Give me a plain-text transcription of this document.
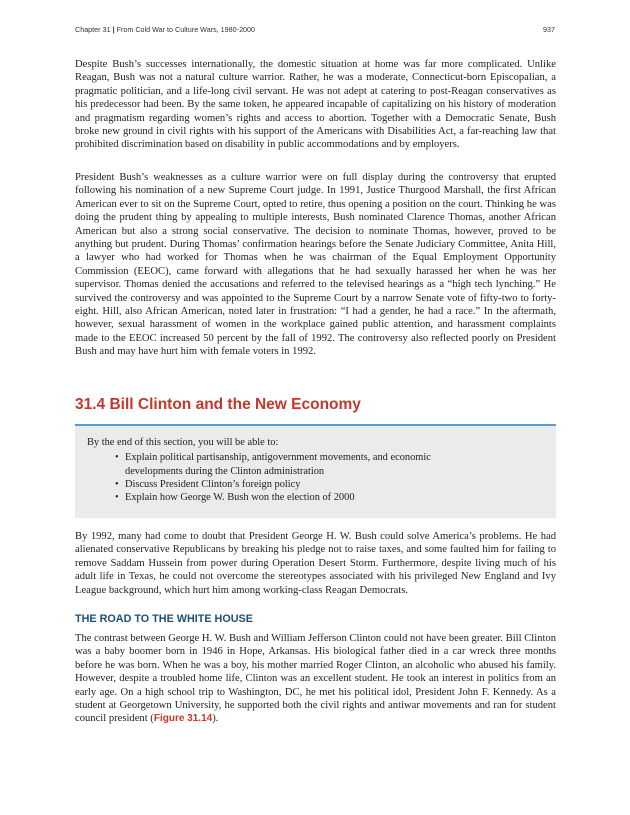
Chapter 31 | From Cold War to Culture Wars, 1980-2000	937

Despite Bush’s successes internationally, the domestic situation at home was far more complicated. Unlike Reagan, Bush was not a natural culture warrior. Rather, he was a moderate, Connecticut-born Episcopalian, a pragmatic politician, and a life-long civil servant. He was not adept at catering to post-Reagan conservatives as his predecessor had been. By the same token, he appeared incapable of capitalizing on his history of moderation and pragmatism regarding women’s rights and access to abortion. Together with a Democratic Senate, Bush broke new ground in civil rights with his support of the Americans with Disabilities Act, a far-reaching law that prohibited discrimination based on disability in public accommodations and by employers.

President Bush’s weaknesses as a culture warrior were on full display during the controversy that erupted following his nomination of a new Supreme Court judge. In 1991, Justice Thurgood Marshall, the first African American ever to sit on the Supreme Court, opted to retire, thus opening a position on the court. Thinking he was doing the prudent thing by appealing to multiple interests, Bush nominated Clarence Thomas, another African American but also a strong social conservative. The decision to nominate Thomas, however, proved to be anything but prudent. During Thomas’ confirmation hearings before the Senate Judiciary Committee, Anita Hill, a lawyer who had worked for Thomas when he was chairman of the Equal Employment Opportunity Commission (EEOC), came forward with allegations that he had sexually harassed her when he was her supervisor. Thomas denied the accusations and referred to the televised hearings as a “high tech lynching.” He survived the controversy and was appointed to the Supreme Court by a narrow Senate vote of fifty-two to forty-eight. Hill, also African American, noted later in frustration: “I had a gender, he had a race.” In the aftermath, however, sexual harassment of women in the workplace gained public attention, and harassment complaints made to the EEOC increased 50 percent by the fall of 1992. The controversy also reflected poorly on President Bush and may have hurt him with female voters in 1992.

31.4 Bill Clinton and the New Economy

By the end of this section, you will be able to:

• Explain political partisanship, antigovernment movements, and economic developments during the Clinton administration
• Discuss President Clinton’s foreign policy
• Explain how George W. Bush won the election of 2000

By 1992, many had come to doubt that President George H. W. Bush could solve America’s problems. He had alienated conservative Republicans by breaking his pledge not to raise taxes, and some faulted him for failing to remove Saddam Hussein from power during Operation Desert Storm. Furthermore, despite living much of his adult life in Texas, he could not overcome the stereotypes associated with his privileged New England and Ivy League background, which hurt him among working-class Reagan Democrats.

THE ROAD TO THE WHITE HOUSE

The contrast between George H. W. Bush and William Jefferson Clinton could not have been greater. Bill Clinton was a baby boomer born in 1946 in Hope, Arkansas. His biological father died in a car wreck three months before he was born. When he was a boy, his mother married Roger Clinton, an alcoholic who abused his family. However, despite a troubled home life, Clinton was an excellent student. He took an interest in politics from an early age. On a high school trip to Washington, DC, he met his political idol, President John F. Kennedy. As a student at Georgetown University, he supported both the civil rights and antiwar movements and ran for student council president (Figure 31.14).
